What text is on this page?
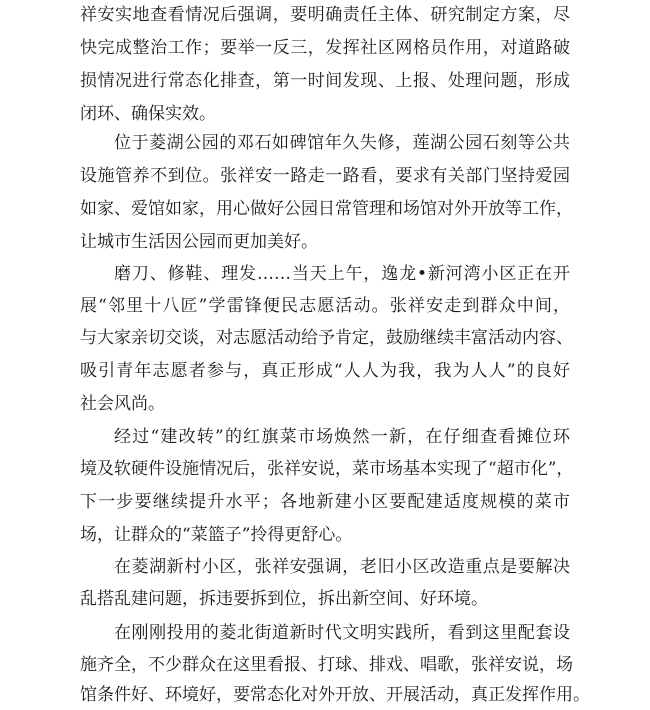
祥安实地查看情况后强调，要明确责任主体、研究制定方案，尽
快完成整治工作；要举一反三，发挥社区网格员作用，对道路破
损情况进行常态化排查，第一时间发现、上报、处理问题，形成
闭环、确保实效。
位于菱湖公园的邓石如碑馆年久失修，莲湖公园石刻等公共
设施管养不到位。张祥安一路走一路看，要求有关部门坚持爱园
如家、爱馆如家，用心做好公园日常管理和场馆对外开放等工作，
让城市生活因公园而更加美好。
磨刀、修鞋、理发……当天上午，逸龙•新河湾小区正在开
展“邻里十八匠”学雷锋便民志愿活动。张祥安走到群众中间，
与大家亲切交谈，对志愿活动给予肯定，鼓励继续丰富活动内容、
吸引青年志愿者参与，真正形成“人人为我，我为人人”的良好
社会风尚。
经过“建改转”的红旗菜市场焕然一新，在仔细查看摊位环
境及软硬件设施情况后，张祥安说，菜市场基本实现了“超市化”，
下一步要继续提升水平；各地新建小区要配建适度规模的菜市
场，让群众的“菜篮子”拎得更舒心。
在菱湖新村小区，张祥安强调，老旧小区改造重点是要解决
乱搭乱建问题，拆违要拆到位，拆出新空间、好环境。
在刚刚投用的菱北街道新时代文明实践所，看到这里配套设
施齐全，不少群众在这里看报、打球、排戏、唱歌，张祥安说，场
馆条件好、环境好，要常态化对外开放、开展活动，真正发挥作用。
